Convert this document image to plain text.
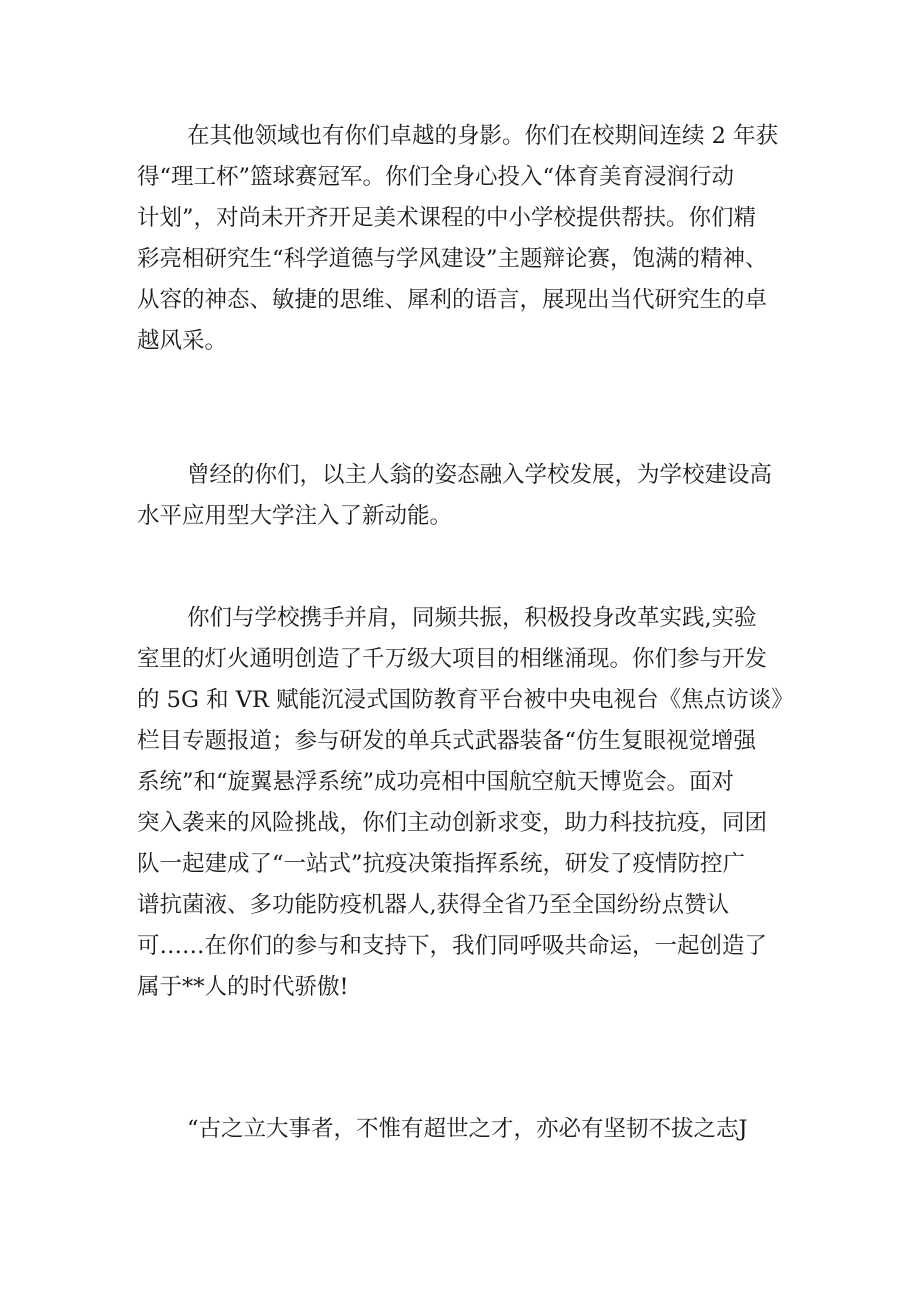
在其他领域也有你们卓越的身影。你们在校期间连续 2 年获

得“理工杯”篮球赛冠军。你们全身心投入“体育美育浸润行动

计划”，对尚未开齐开足美术课程的中小学校提供帮扶。你们精

彩亮相研究生“科学道德与学风建设”主题辩论赛，饱满的精神、

从容的神态、敏捷的思维、犀利的语言，展现出当代研究生的卓

越风采。

曾经的你们，以主人翁的姿态融入学校发展，为学校建设高

水平应用型大学注入了新动能。

你们与学校携手并肩，同频共振，积极投身改革实践,实验

室里的灯火通明创造了千万级大项目的相继涌现。你们参与开发

的 5G 和 VR 赋能沉浸式国防教育平台被中央电视台《焦点访谈》

栏目专题报道；参与研发的单兵式武器装备“仿生复眼视觉增强

系统”和“旋翼悬浮系统”成功亮相中国航空航天博览会。面对

突入袭来的风险挑战，你们主动创新求变，助力科技抗疫，同团

队一起建成了“一站式”抗疫决策指挥系统，研发了疫情防控广

谱抗菌液、多功能防疫机器人,获得全省乃至全国纷纷点赞认

可……在你们的参与和支持下，我们同呼吸共命运，一起创造了

属于**人的时代骄傲!

“古之立大事者，不惟有超世之才，亦必有坚韧不拔之志J
